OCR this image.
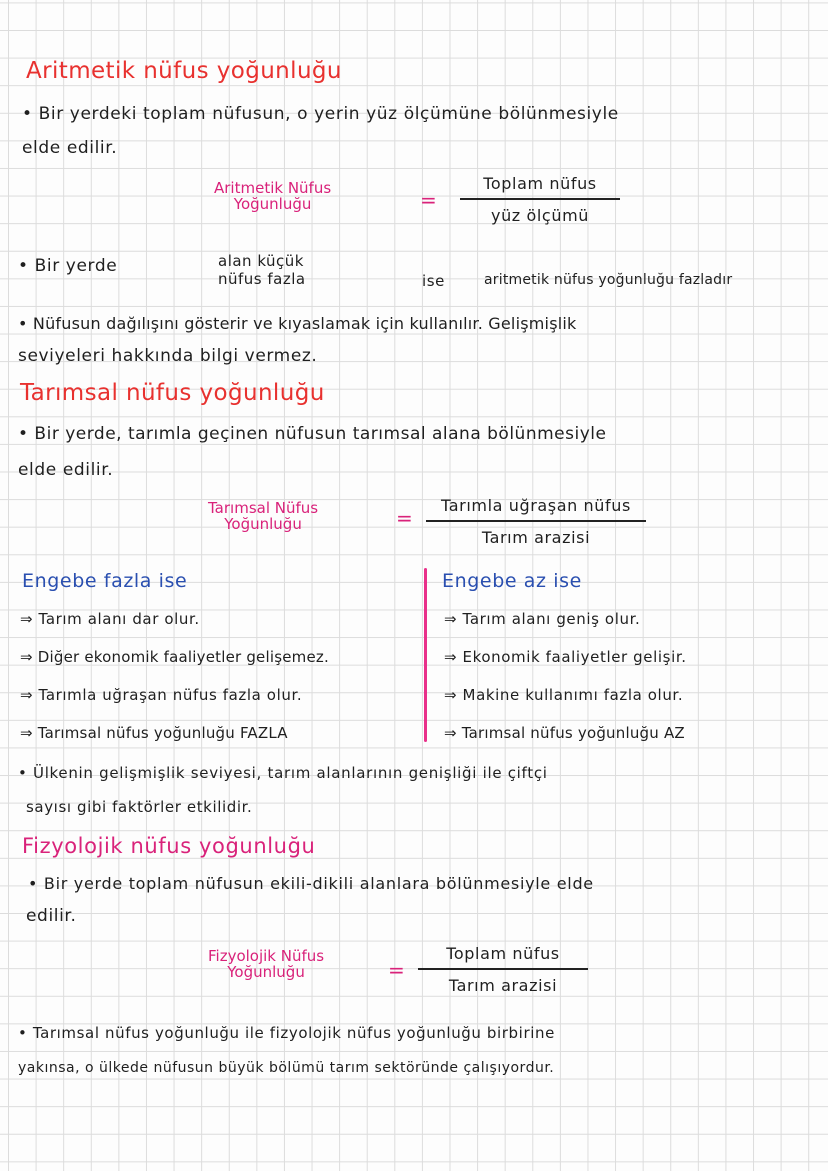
Aritmetik nüfus yoğunluğu
• Bir yerdeki toplam nüfusun, o yerin yüz ölçümüne bölünmesiyle
elde edilir.
Aritmetik Nüfus
Yoğunluğu	=
Toplam nüfus
yüz ölçümü
• Bir yerde	alan küçük
nüfus fazla	ise	aritmetik nüfus yoğunluğu fazladır
• Nüfusun dağılışını gösterir ve kıyaslamak için kullanılır. Gelişmişlik
seviyeleri hakkında bilgi vermez.
Tarımsal nüfus yoğunluğu
• Bir yerde, tarımla geçinen nüfusun tarımsal alana bölünmesiyle
elde edilir.
Tarımsal Nüfus
Yoğunluğu	=
Tarımla uğraşan nüfus
Tarım arazisi
Engebe fazla ise
⇒ Tarım alanı dar olur.
⇒ Diğer ekonomik faaliyetler gelişemez.
⇒ Tarımla uğraşan nüfus fazla olur.
⇒ Tarımsal nüfus yoğunluğu FAZLA
Engebe az ise
⇒ Tarım alanı geniş olur.
⇒ Ekonomik faaliyetler gelişir.
⇒ Makine kullanımı fazla olur.
⇒ Tarımsal nüfus yoğunluğu AZ
• Ülkenin gelişmişlik seviyesi, tarım alanlarının genişliği ile çiftçi
sayısı gibi faktörler etkilidir.
Fizyolojik nüfus yoğunluğu
• Bir yerde toplam nüfusun ekili-dikili alanlara bölünmesiyle elde
edilir.
Fizyolojik Nüfus
Yoğunluğu	=
Toplam nüfus
Tarım arazisi
• Tarımsal nüfus yoğunluğu ile fizyolojik nüfus yoğunluğu birbirine
yakınsa, o ülkede nüfusun büyük bölümü tarım sektöründe çalışıyordur.
